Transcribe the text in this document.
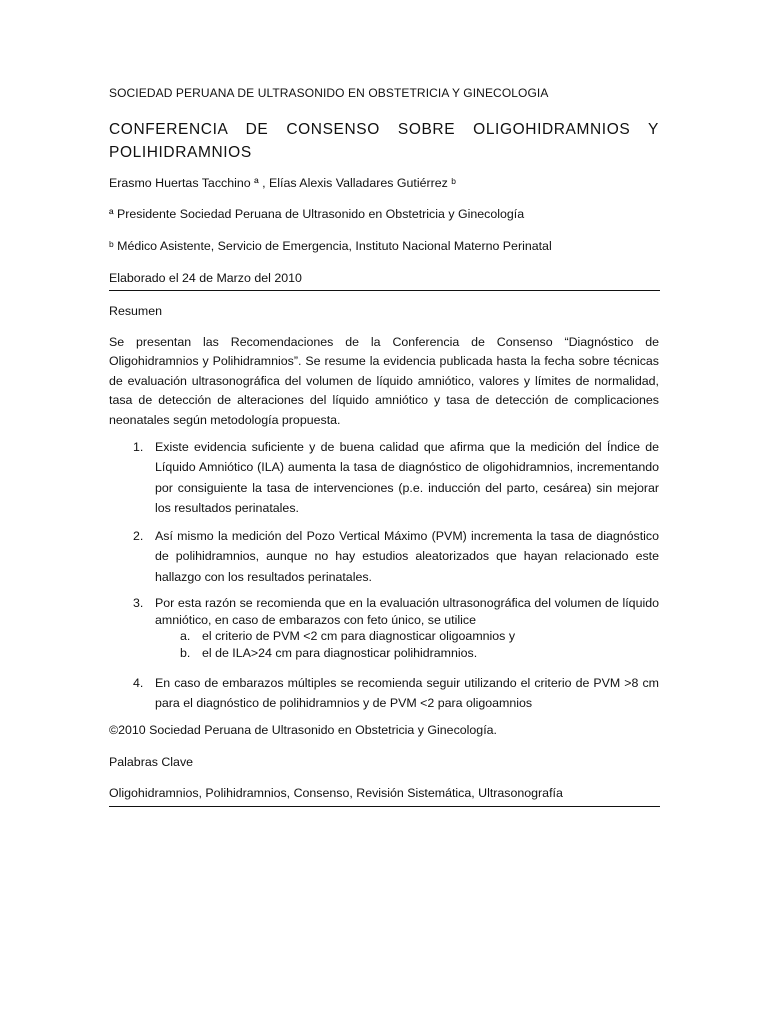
SOCIEDAD PERUANA DE ULTRASONIDO EN OBSTETRICIA Y GINECOLOGIA

CONFERENCIA DE CONSENSO SOBRE OLIGOHIDRAMNIOS Y
POLIHIDRAMNIOS

Erasmo Huertas Tacchino ª , Elías Alexis Valladares Gutiérrez ᵇ

ª Presidente Sociedad Peruana de Ultrasonido en Obstetricia y Ginecología

ᵇ Médico Asistente, Servicio de Emergencia, Instituto Nacional Materno Perinatal

Elaborado el 24 de Marzo del 2010

Resumen

Se presentan las Recomendaciones de la Conferencia de Consenso “Diagnóstico de Oligohidramnios y Polihidramnios”. Se resume la evidencia publicada hasta la fecha sobre técnicas de evaluación ultrasonográfica del volumen de líquido amniótico, valores y límites de normalidad, tasa de detección de alteraciones del líquido amniótico y tasa de detección de complicaciones neonatales según metodología propuesta.

1. Existe evidencia suficiente y de buena calidad que afirma que la medición del Índice de Líquido Amniótico (ILA) aumenta la tasa de diagnóstico de oligohidramnios, incrementando por consiguiente la tasa de intervenciones (p.e. inducción del parto, cesárea) sin mejorar los resultados perinatales.
2. Así mismo la medición del Pozo Vertical Máximo (PVM) incrementa la tasa de diagnóstico de polihidramnios, aunque no hay estudios aleatorizados que hayan relacionado este hallazgo con los resultados perinatales.
3. Por esta razón se recomienda que en la evaluación ultrasonográfica del volumen de líquido amniótico, en caso de embarazos con feto único, se utilice
a. el criterio de PVM <2 cm para diagnosticar oligoamnios y
b. el de ILA>24 cm para diagnosticar polihidramnios.
4. En caso de embarazos múltiples se recomienda seguir utilizando el criterio de PVM >8 cm para el diagnóstico de polihidramnios y de PVM <2 para oligoamnios

©2010 Sociedad Peruana de Ultrasonido en Obstetricia y Ginecología.

Palabras Clave

Oligohidramnios, Polihidramnios, Consenso, Revisión Sistemática, Ultrasonografía
